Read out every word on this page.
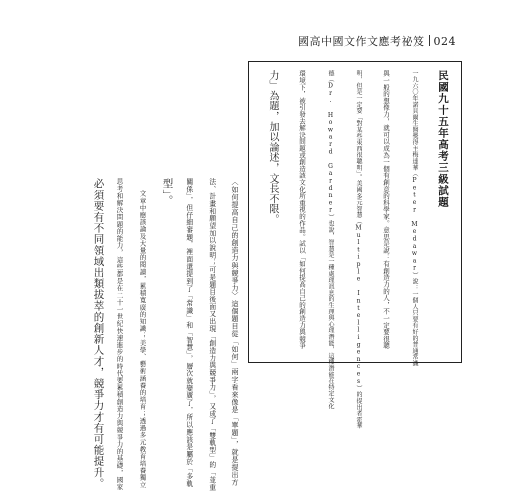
國高中國文作文應考祕笈 024
民國九十五年高考三級試題
一九六〇年諾貝爾生醫獎得主梅達華（Peter Medawar）說：一個人只要有好的普通常識
與一般的想像力，就可以成為一個有創意的科學家。意思是說：有創造力的人，不一定要很聰
明，但是一定要「對某些東西很聰明」。美國多元智慧（Multiple Intelligences）的提出者霍華
德（Dr. Howard Gardner）也說，智慧是一種處理訊息的生理與心理潛能，這種潛能在特定文化
環境下，被引發去解決問題或創造該文化所重視的作品。試以「如何提高自己的創造力與競爭
力」為題，加以論述，文長不限。
〈如何提高自己的創造力與競爭力〉這個題目從「如何」兩字看來像是「單題」，就是提出方
法、計畫和願望加以說明；可是題目後面又出現「創造力與競爭力」，又成了「雙軌型」的「並重
關係」，但仔細審題，裡面還提到了「常識」和「智慧」，層次就變廣了，所以應該是屬於「多軌
型」。
文章中應該論及大量的閱讀，累積寬廣的知識；美學、藝術涵養的培育；透過多元教育培養獨立
思考和解決問題的能力，這些都是在二十一世紀快速進步的時代要累積創造力與競爭力的基礎，國家
必須要有不同領域出類拔萃的創新人才，競爭力才有可能提升。
